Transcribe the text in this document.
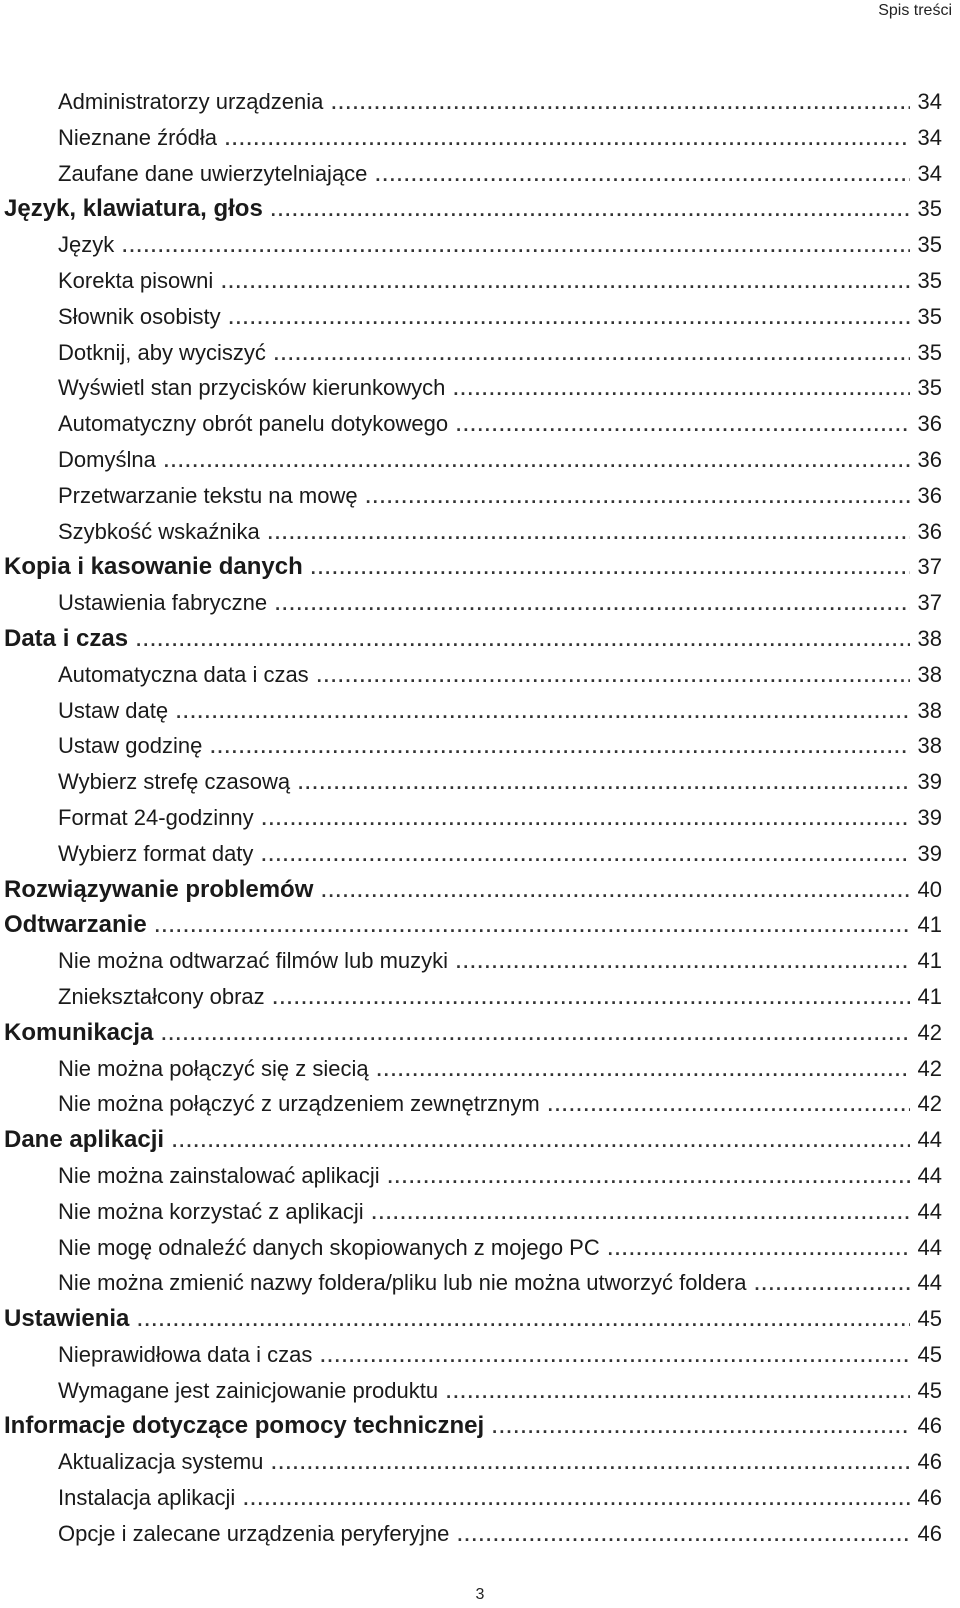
Spis treści
Administratorzy urządzenia .....	34
Nieznane źródła .....	34
Zaufane dane uwierzytelniające .....	34
Język, klawiatura, głos .....	35
Język .....	35
Korekta pisowni .....	35
Słownik osobisty .....	35
Dotknij, aby wyciszyć .....	35
Wyświetl stan przycisków kierunkowych .....	35
Automatyczny obrót panelu dotykowego .....	36
Domyślna .....	36
Przetwarzanie tekstu na mowę .....	36
Szybkość wskaźnika .....	36
Kopia i kasowanie danych .....	37
Ustawienia fabryczne .....	37
Data i czas .....	38
Automatyczna data i czas .....	38
Ustaw datę .....	38
Ustaw godzinę .....	38
Wybierz strefę czasową .....	39
Format 24-godzinny .....	39
Wybierz format daty .....	39
Rozwiązywanie problemów .....	40
Odtwarzanie .....	41
Nie można odtwarzać filmów lub muzyki .....	41
Zniekształcony obraz .....	41
Komunikacja .....	42
Nie można połączyć się z siecią .....	42
Nie można połączyć z urządzeniem zewnętrznym .....	42
Dane aplikacji .....	44
Nie można zainstalować aplikacji .....	44
Nie można korzystać z aplikacji .....	44
Nie mogę odnaleźć danych skopiowanych z mojego PC .....	44
Nie można zmienić nazwy foldera/pliku lub nie można utworzyć foldera .....	44
Ustawienia .....	45
Nieprawidłowa data i czas .....	45
Wymagane jest zainicjowanie produktu .....	45
Informacje dotyczące pomocy technicznej .....	46
Aktualizacja systemu .....	46
Instalacja aplikacji .....	46
Opcje i zalecane urządzenia peryferyjne .....	46
3
